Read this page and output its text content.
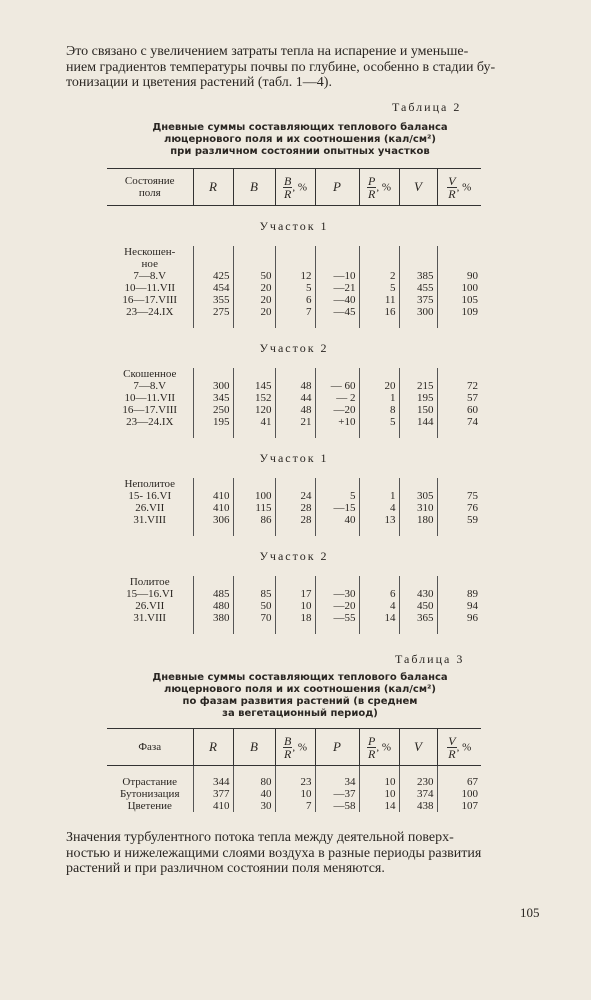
Это связано с увеличением затраты тепла на испарение и уменьше-
нием градиентов температуры почвы по глубине, особенно в стадии бу-
тонизации и цветения растений (табл. 1—4).
Таблица 2
Дневные суммы составляющих теплового баланса
люцернового поля и их соотношения (кал/см²)
при различном состоянии опытных участков
Состояние поля	R	B	$\frac{B}{R}$ , %	P	$\frac{P}{R}$ , %	V	$\frac{V}{R}$ , %
Участок 1							
Нескошен-							
ное							
7—8.V	425	50	12	—10	2	385	90
10—11.VII	454	20	5	—21	5	455	100
16—17.VIII	355	20	6	—40	11	375	105
23—24.IX	275	20	7	—45	16	300	109

Участок 2							
Скошенное							
7—8.V	300	145	48	— 60	20	215	72
10—11.VII	345	152	44	— 2	1	195	57
16—17.VIII	250	120	48	—20	8	150	60
23—24.IX	195	41	21	+10	5	144	74

Участок 1							
Неполитое							
15- 16.VI	410	100	24	5	1	305	75
26.VII	410	115	28	—15	4	310	76
31.VIII	306	86	28	40	13	180	59

Участок 2							
Политое							
15—16.VI	485	85	17	—30	6	430	89
26.VII	480	50	10	—20	4	450	94
31.VIII	380	70	18	—55	14	365	96

Таблица 3
Дневные суммы составляющих теплового баланса
люцернового поля и их соотношения (кал/см²)
по фазам развития растений (в среднем
за вегетационный период)
Фаза	R	B	$\frac{B}{R}$ , %	P	$\frac{P}{R}$ , %	V	$\frac{V}{R}$ , %

Отрастание	344	80	23	34	10	230	67
Бутонизация	377	40	10	—37	10	374	100
Цветение	410	30	7	—58	14	438	107
Значения турбулентного потока тепла между деятельной поверх-
ностью и нижележащими слоями воздуха в разные периоды развития
растений и при различном состоянии поля меняются.
105
